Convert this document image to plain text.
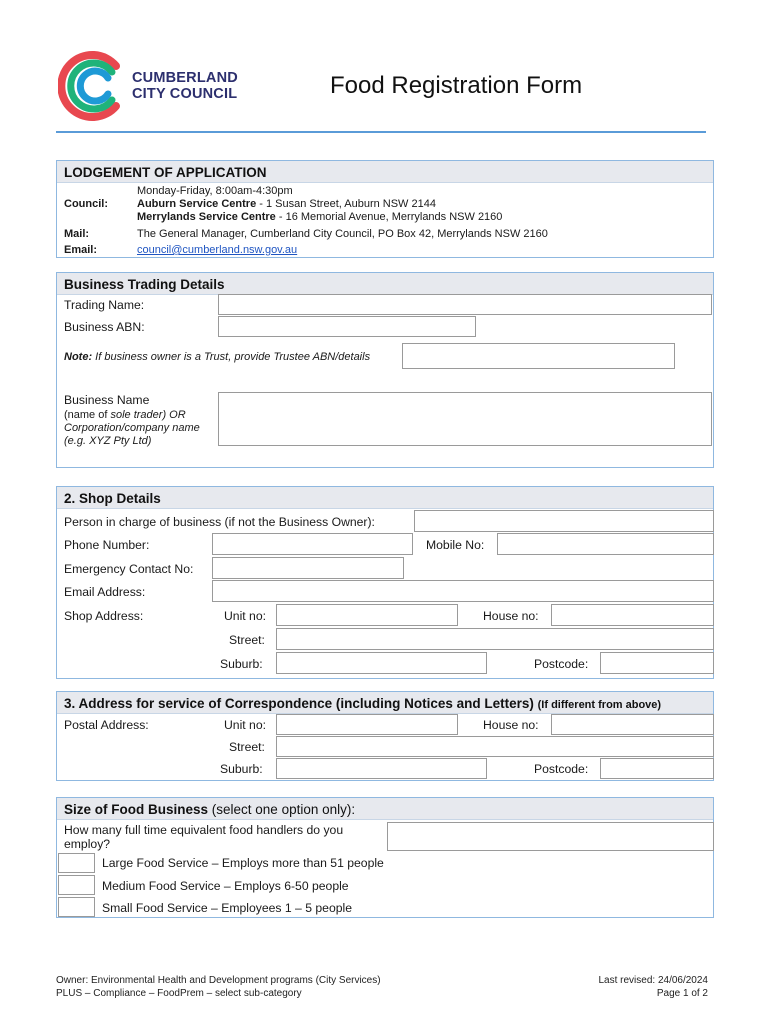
CUMBERLAND
CITY COUNCIL	Food Registration Form
LODGEMENT OF APPLICATION
Council:
Monday-Friday, 8:00am-4:30pm
Auburn Service Centre - 1 Susan Street, Auburn NSW 2144
Merrylands Service Centre - 16 Memorial Avenue, Merrylands NSW 2160
Mail:	The General Manager, Cumberland City Council, PO Box 42, Merrylands NSW 2160
Email:	council@cumberland.nsw.gov.au
Business Trading Details
Trading Name:
Business ABN:
Note: If business owner is a Trust, provide Trustee ABN/details
Business Name
(name of sole trader) OR
Corporation/company name
(e.g. XYZ Pty Ltd)
2. Shop Details
Person in charge of business (if not the Business Owner):
Phone Number:	Mobile No:
Emergency Contact No:
Email Address:
Shop Address:	Unit no:	House no:
Street:
Suburb:	Postcode:
3. Address for service of Correspondence (including Notices and Letters) (If different from above)
Postal Address:	Unit no:	House no:
Street:
Suburb:	Postcode:
Size of Food Business (select one option only):
How many full time equivalent food handlers do you
employ?
Large Food Service – Employs more than 51 people
Medium Food Service – Employs 6-50 people
Small Food Service – Employees 1 – 5 people
Owner: Environmental Health and Development programs (City Services)
PLUS – Compliance – FoodPrem – select sub-category
Last revised: 24/06/2024
Page 1 of 2
